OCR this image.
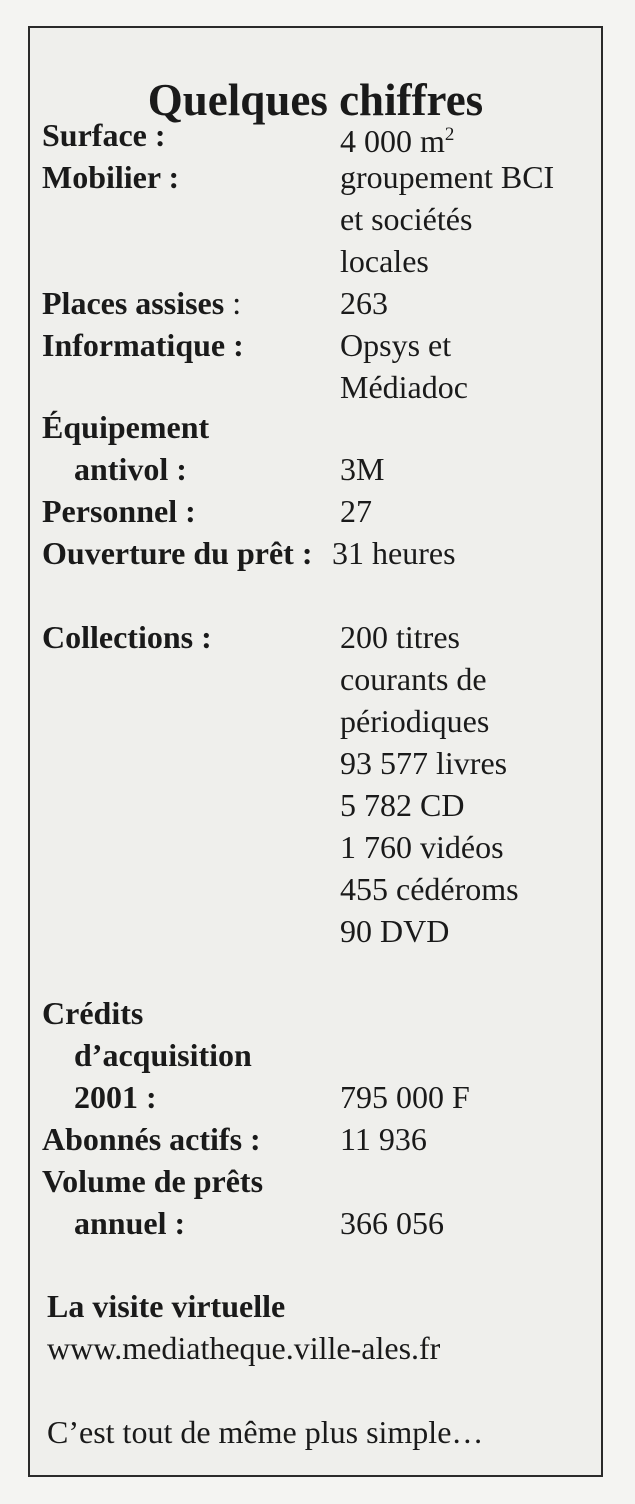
Quelques chiffres
Surface :	4 000 $m^2$
Mobilier :	groupement BCI
et sociétés
locales
Places assises :	263
Informatique :	Opsys et
Médiadoc
Équipement
antivol :	3M
Personnel :	27
Ouverture du prêt : 31 heures
Collections :	200 titres
courants de
périodiques
93 577 livres
5 782 CD
1 760 vidéos
455 cédéroms
90 DVD
Crédits
d’acquisition
2001 :	795 000 F
Abonnés actifs : 11 936
Volume de prêts
annuel :	366 056
La visite virtuelle
www.mediatheque.ville-ales.fr
C’est tout de même plus simple…
